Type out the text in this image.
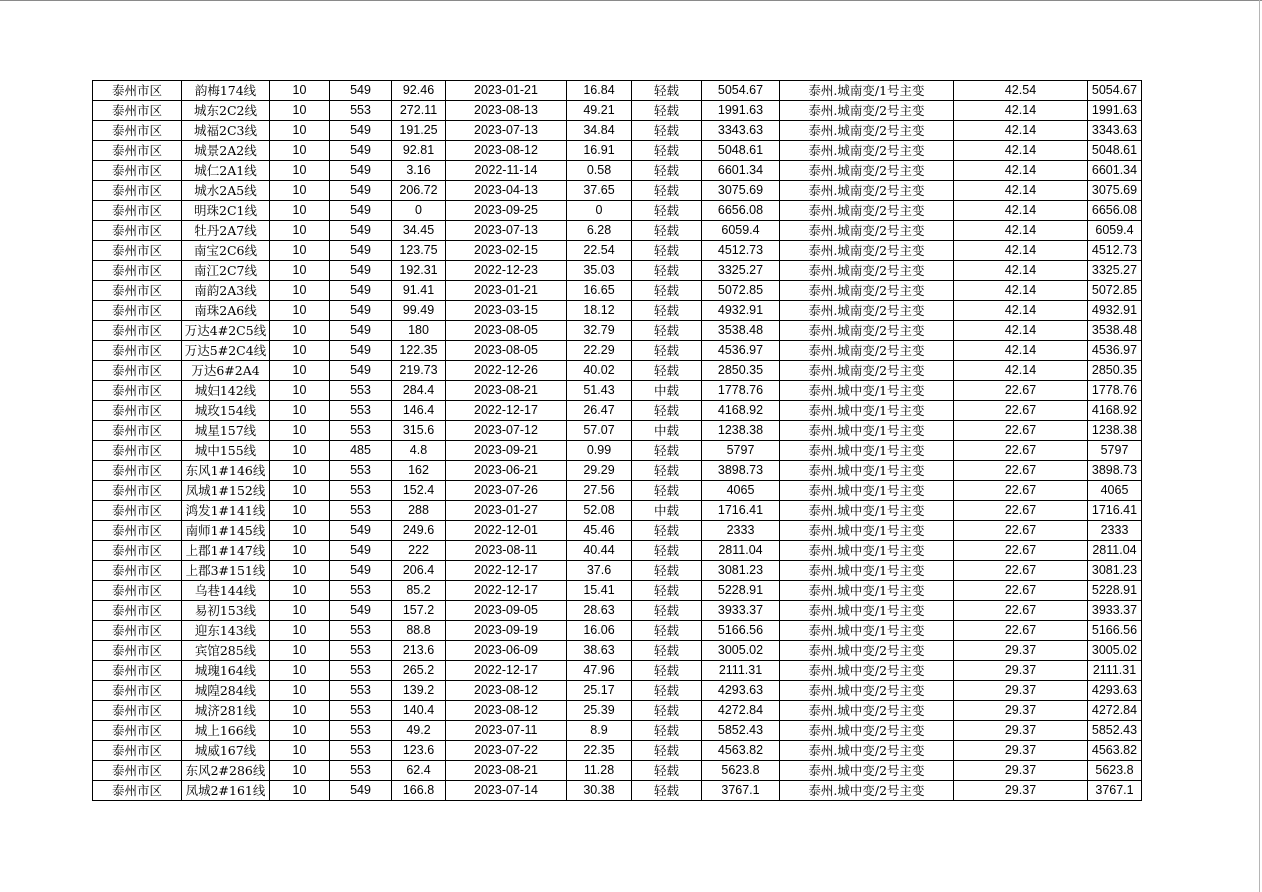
泰州市区	韵梅174线	10	549	92.46	2023-01-21	16.84	轻载	5054.67	泰州.城南变/1号主变	42.54	5054.67
泰州市区	城东2C2线	10	553	272.11	2023-08-13	49.21	轻载	1991.63	泰州.城南变/2号主变	42.14	1991.63
泰州市区	城福2C3线	10	549	191.25	2023-07-13	34.84	轻载	3343.63	泰州.城南变/2号主变	42.14	3343.63
泰州市区	城景2A2线	10	549	92.81	2023-08-12	16.91	轻载	5048.61	泰州.城南变/2号主变	42.14	5048.61
泰州市区	城仁2A1线	10	549	3.16	2022-11-14	0.58	轻载	6601.34	泰州.城南变/2号主变	42.14	6601.34
泰州市区	城水2A5线	10	549	206.72	2023-04-13	37.65	轻载	3075.69	泰州.城南变/2号主变	42.14	3075.69
泰州市区	明珠2C1线	10	549	0	2023-09-25	0	轻载	6656.08	泰州.城南变/2号主变	42.14	6656.08
泰州市区	牡丹2A7线	10	549	34.45	2023-07-13	6.28	轻载	6059.4	泰州.城南变/2号主变	42.14	6059.4
泰州市区	南宝2C6线	10	549	123.75	2023-02-15	22.54	轻载	4512.73	泰州.城南变/2号主变	42.14	4512.73
泰州市区	南江2C7线	10	549	192.31	2022-12-23	35.03	轻载	3325.27	泰州.城南变/2号主变	42.14	3325.27
泰州市区	南韵2A3线	10	549	91.41	2023-01-21	16.65	轻载	5072.85	泰州.城南变/2号主变	42.14	5072.85
泰州市区	南珠2A6线	10	549	99.49	2023-03-15	18.12	轻载	4932.91	泰州.城南变/2号主变	42.14	4932.91
泰州市区	万达4#2C5线	10	549	180	2023-08-05	32.79	轻载	3538.48	泰州.城南变/2号主变	42.14	3538.48
泰州市区	万达5#2C4线	10	549	122.35	2023-08-05	22.29	轻载	4536.97	泰州.城南变/2号主变	42.14	4536.97
泰州市区	万达6#2A4	10	549	219.73	2022-12-26	40.02	轻载	2850.35	泰州.城南变/2号主变	42.14	2850.35
泰州市区	城妇142线	10	553	284.4	2023-08-21	51.43	中载	1778.76	泰州.城中变/1号主变	22.67	1778.76
泰州市区	城玫154线	10	553	146.4	2022-12-17	26.47	轻载	4168.92	泰州.城中变/1号主变	22.67	4168.92
泰州市区	城星157线	10	553	315.6	2023-07-12	57.07	中载	1238.38	泰州.城中变/1号主变	22.67	1238.38
泰州市区	城中155线	10	485	4.8	2023-09-21	0.99	轻载	5797	泰州.城中变/1号主变	22.67	5797
泰州市区	东风1#146线	10	553	162	2023-06-21	29.29	轻载	3898.73	泰州.城中变/1号主变	22.67	3898.73
泰州市区	凤城1#152线	10	553	152.4	2023-07-26	27.56	轻载	4065	泰州.城中变/1号主变	22.67	4065
泰州市区	鸿发1#141线	10	553	288	2023-01-27	52.08	中载	1716.41	泰州.城中变/1号主变	22.67	1716.41
泰州市区	南师1#145线	10	549	249.6	2022-12-01	45.46	轻载	2333	泰州.城中变/1号主变	22.67	2333
泰州市区	上郡1#147线	10	549	222	2023-08-11	40.44	轻载	2811.04	泰州.城中变/1号主变	22.67	2811.04
泰州市区	上郡3#151线	10	549	206.4	2022-12-17	37.6	轻载	3081.23	泰州.城中变/1号主变	22.67	3081.23
泰州市区	乌巷144线	10	553	85.2	2022-12-17	15.41	轻载	5228.91	泰州.城中变/1号主变	22.67	5228.91
泰州市区	易初153线	10	549	157.2	2023-09-05	28.63	轻载	3933.37	泰州.城中变/1号主变	22.67	3933.37
泰州市区	迎东143线	10	553	88.8	2023-09-19	16.06	轻载	5166.56	泰州.城中变/1号主变	22.67	5166.56
泰州市区	宾馆285线	10	553	213.6	2023-06-09	38.63	轻载	3005.02	泰州.城中变/2号主变	29.37	3005.02
泰州市区	城瑰164线	10	553	265.2	2022-12-17	47.96	轻载	2111.31	泰州.城中变/2号主变	29.37	2111.31
泰州市区	城隍284线	10	553	139.2	2023-08-12	25.17	轻载	4293.63	泰州.城中变/2号主变	29.37	4293.63
泰州市区	城济281线	10	553	140.4	2023-08-12	25.39	轻载	4272.84	泰州.城中变/2号主变	29.37	4272.84
泰州市区	城上166线	10	553	49.2	2023-07-11	8.9	轻载	5852.43	泰州.城中变/2号主变	29.37	5852.43
泰州市区	城威167线	10	553	123.6	2023-07-22	22.35	轻载	4563.82	泰州.城中变/2号主变	29.37	4563.82
泰州市区	东风2#286线	10	553	62.4	2023-08-21	11.28	轻载	5623.8	泰州.城中变/2号主变	29.37	5623.8
泰州市区	凤城2#161线	10	549	166.8	2023-07-14	30.38	轻载	3767.1	泰州.城中变/2号主变	29.37	3767.1
